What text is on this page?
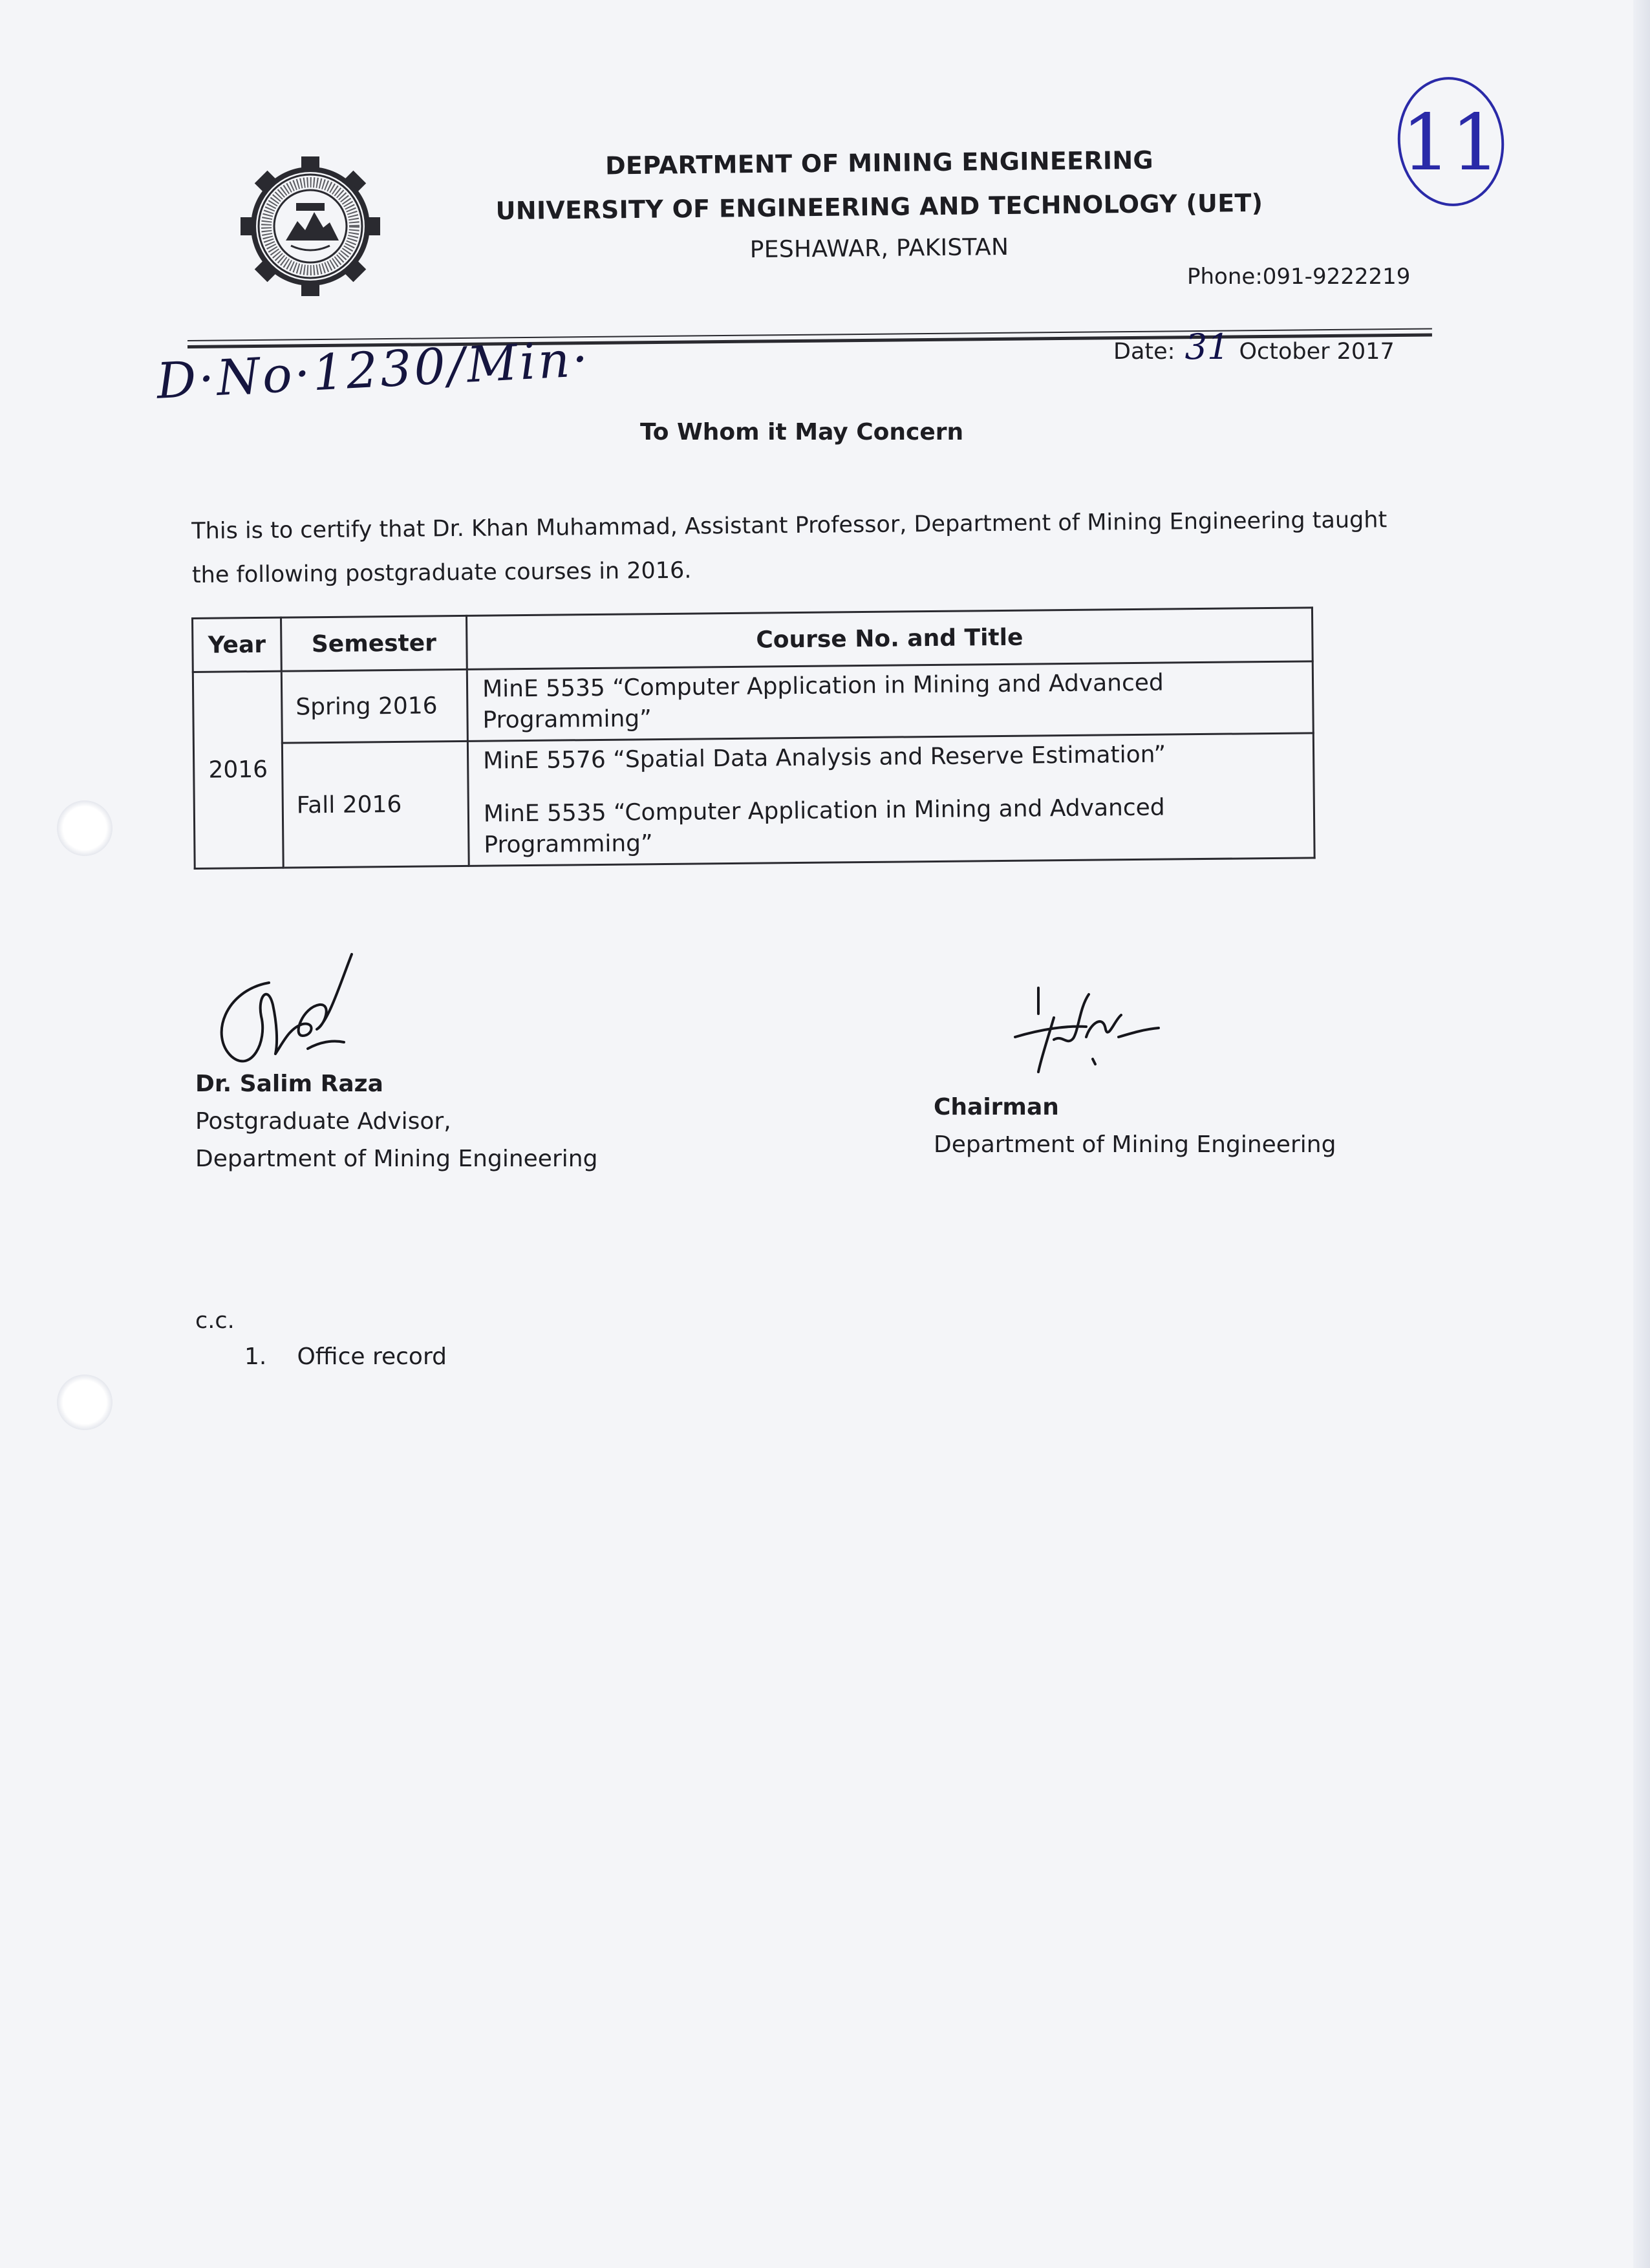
DEPARTMENT OF MINING ENGINEERING
UNIVERSITY OF ENGINEERING AND TECHNOLOGY (UET)
PESHAWAR, PAKISTAN
Phone:091-9222219
11
Date: 31 October 2017
D·No·1230/Min·
To Whom it May Concern
This is to certify that Dr. Khan Muhammad, Assistant Professor, Department of Mining Engineering taught
the following postgraduate courses in 2016.
Year	Semester	Course No. and Title
2016	Spring 2016	MinE 5535 “Computer Application in Mining and Advanced Programming”

	Fall 2016	MinE 5576 “Spatial Data Analysis and Reserve Estimation”
MinE 5535 “Computer Application in Mining and Advanced Programming”
Dr. Salim Raza
Postgraduate Advisor,
Department of Mining Engineering
Chairman
Department of Mining Engineering
c.c.
1. Office record
